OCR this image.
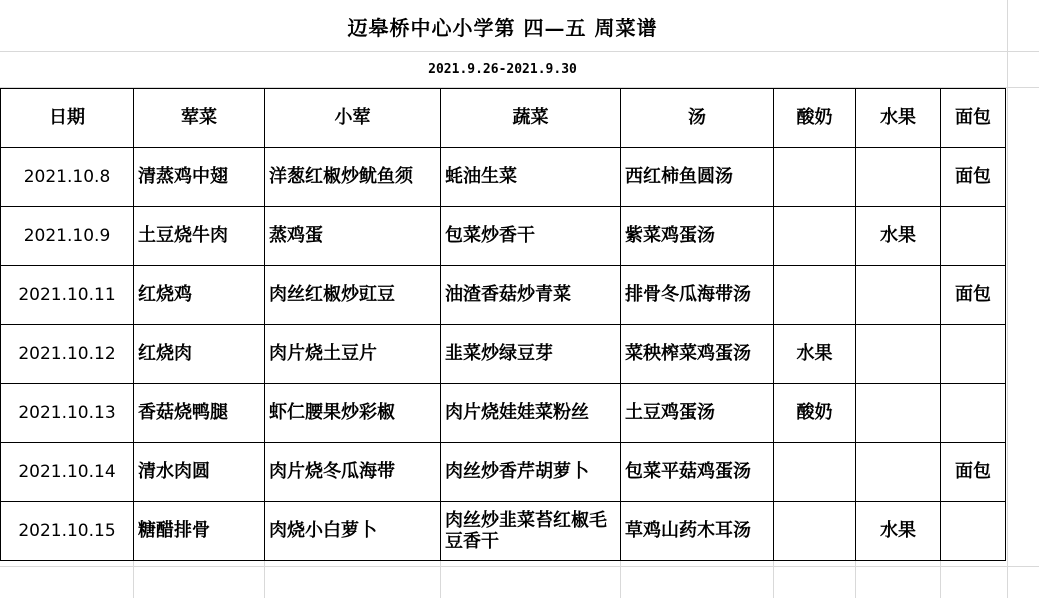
迈皋桥中心小学第 四—五 周菜谱
2021.9.26-2021.9.30
日期	荤菜	小荤	蔬菜	汤	酸奶	水果	面包
2021.10.8	清蒸鸡中翅	洋葱红椒炒鱿鱼须	蚝油生菜	西红柿鱼圆汤			面包
2021.10.9	土豆烧牛肉	蒸鸡蛋	包菜炒香干	紫菜鸡蛋汤		水果	
2021.10.11	红烧鸡	肉丝红椒炒豇豆	油渣香菇炒青菜	排骨冬瓜海带汤			面包
2021.10.12	红烧肉	肉片烧土豆片	韭菜炒绿豆芽	菜秧榨菜鸡蛋汤	水果		
2021.10.13	香菇烧鸭腿	虾仁腰果炒彩椒	肉片烧娃娃菜粉丝	土豆鸡蛋汤	酸奶		
2021.10.14	清水肉圆	肉片烧冬瓜海带	肉丝炒香芹胡萝卜	包菜平菇鸡蛋汤			面包
2021.10.15	糖醋排骨	肉烧小白萝卜	肉丝炒韭菜苔红椒毛豆香干	草鸡山药木耳汤		水果	
